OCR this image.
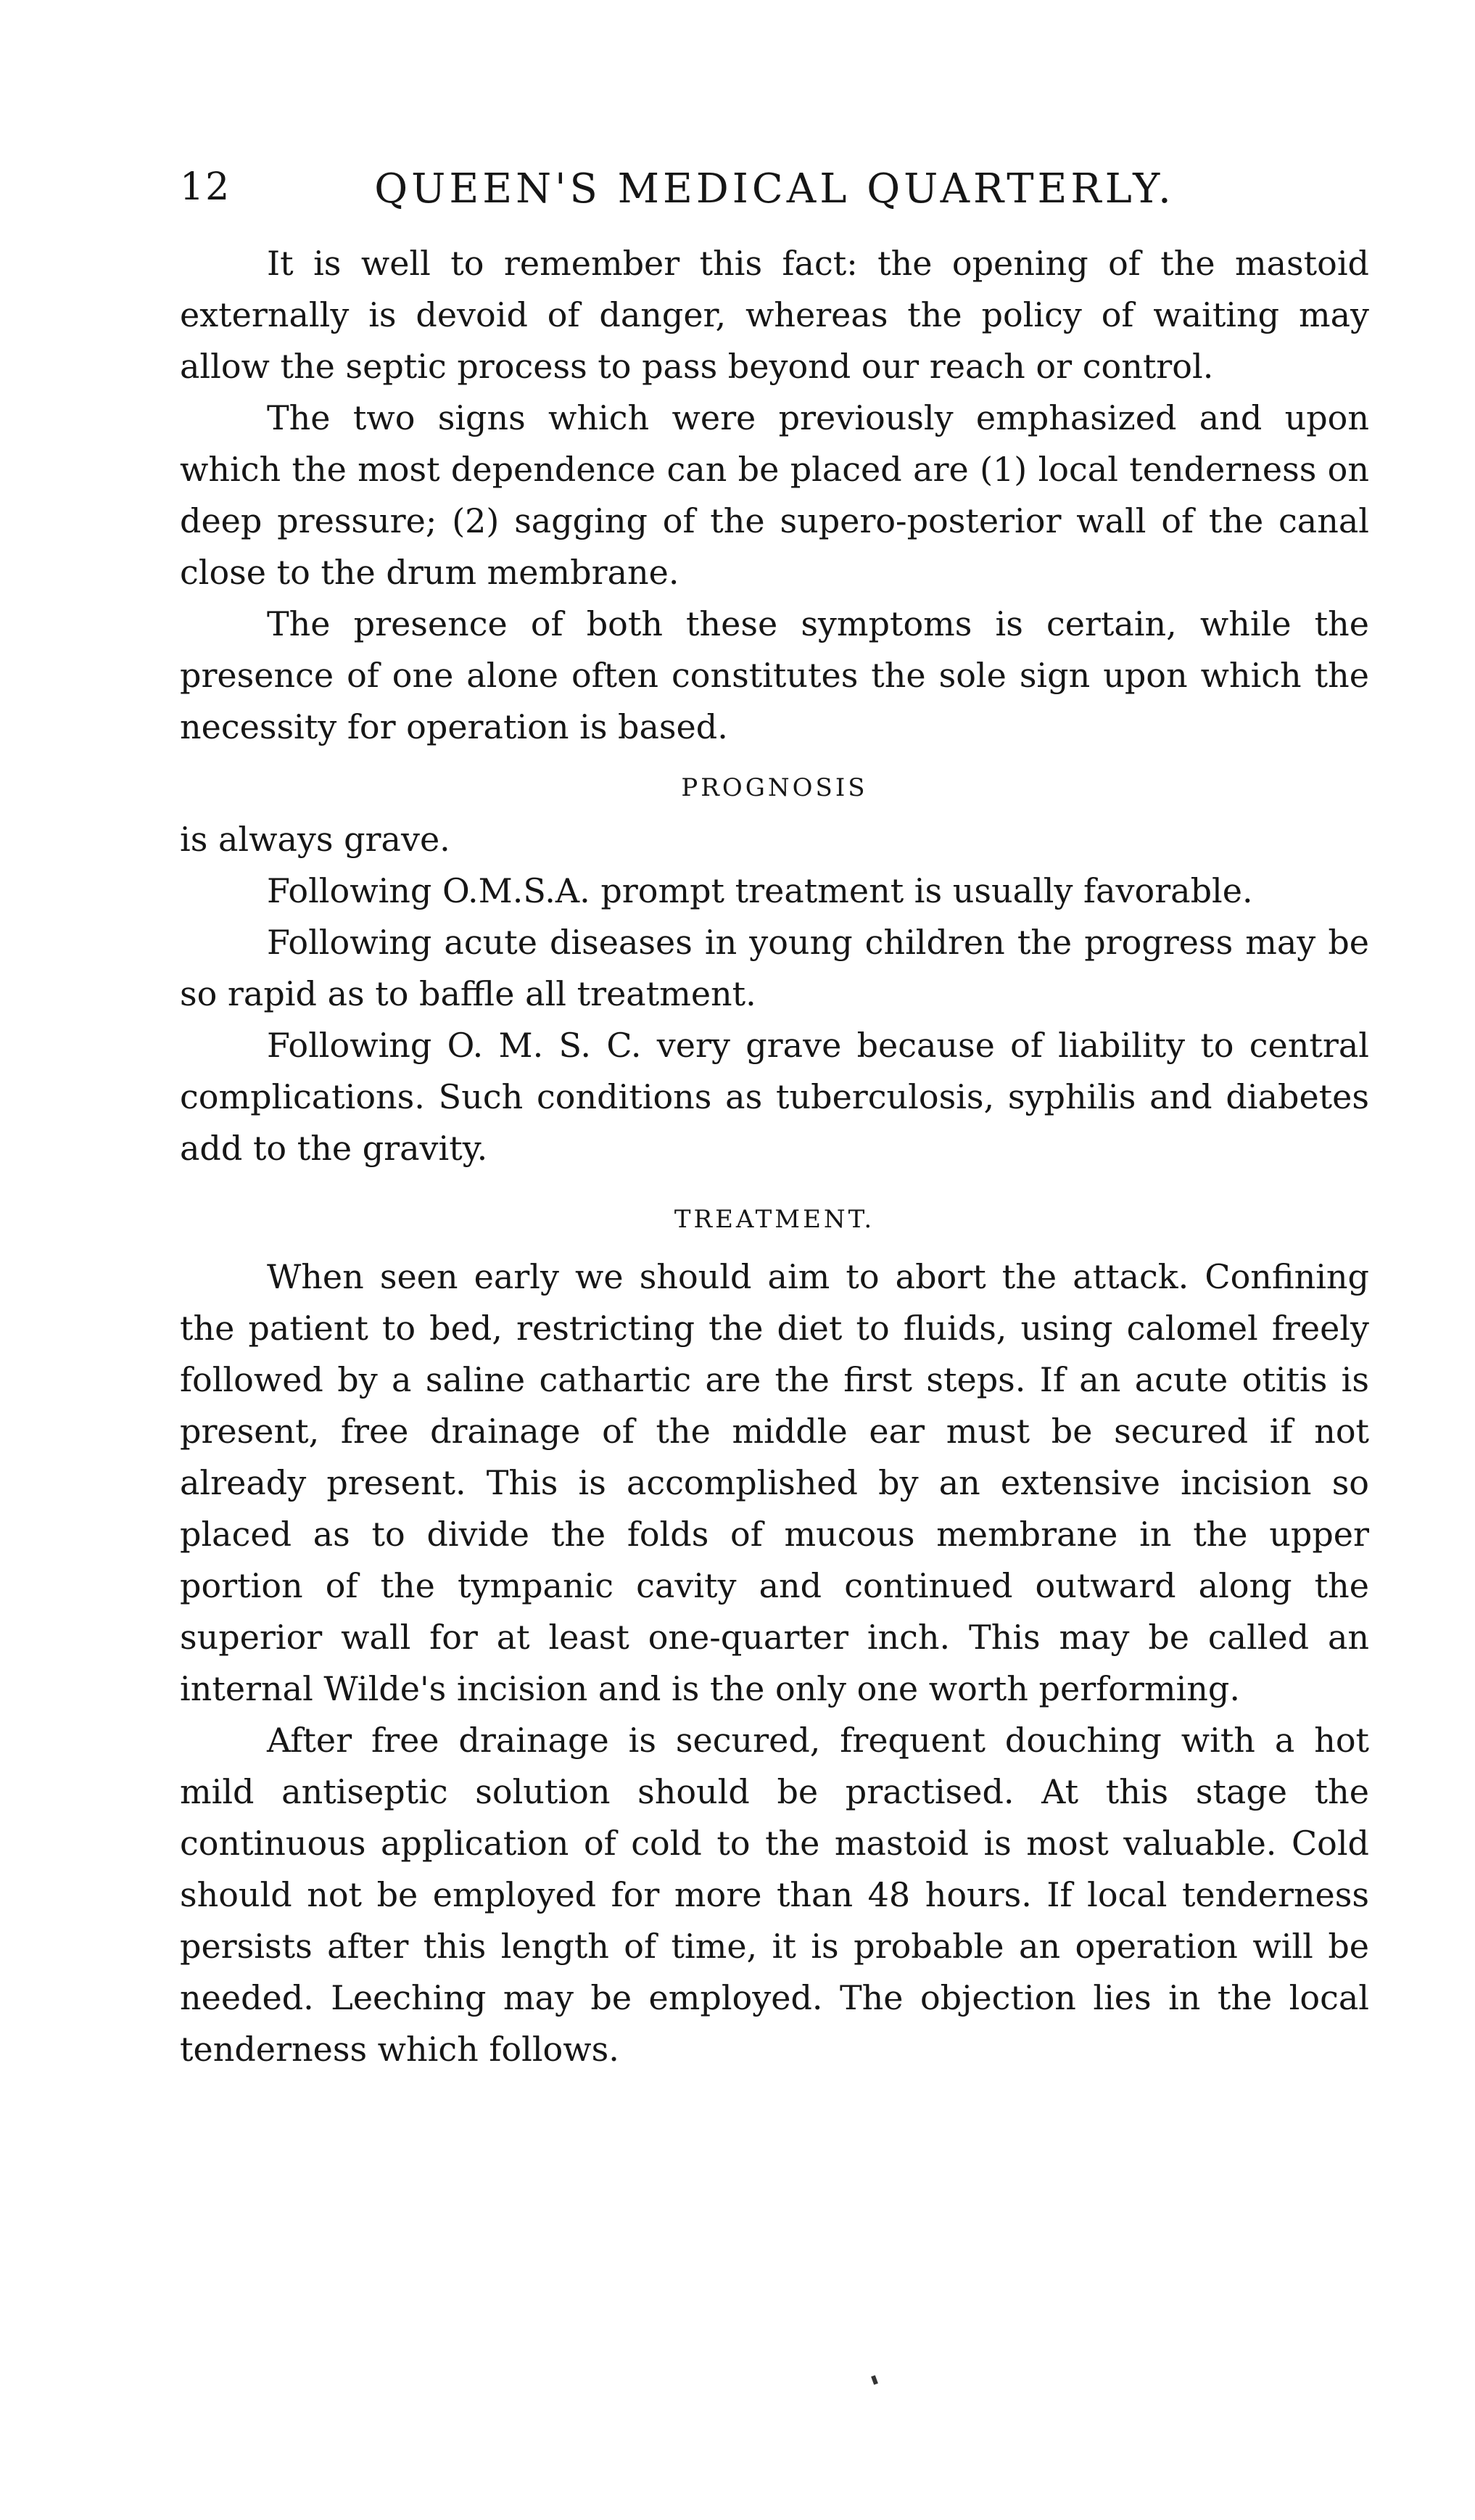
12	QUEEN'S MEDICAL QUARTERLY.

It is well to remember this fact: the opening of the mastoid externally is devoid of danger, whereas the policy of waiting may allow the septic process to pass beyond our reach or control.

The two signs which were previously emphasized and upon which the most dependence can be placed are (1) local tenderness on deep pressure; (2) sagging of the supero-posterior wall of the canal close to the drum membrane.

The presence of both these symptoms is certain, while the presence of one alone often constitutes the sole sign upon which the necessity for operation is based.

PROGNOSIS

is always grave.

Following O.M.S.A. prompt treatment is usually favorable.

Following acute diseases in young children the progress may be so rapid as to baffle all treatment.

Following O. M. S. C. very grave because of liability to central complications. Such conditions as tuberculosis, syphilis and diabetes add to the gravity.

TREATMENT.

When seen early we should aim to abort the attack. Confining the patient to bed, restricting the diet to fluids, using calomel freely followed by a saline cathartic are the first steps. If an acute otitis is present, free drainage of the middle ear must be secured if not already present. This is accomplished by an extensive incision so placed as to divide the folds of mucous membrane in the upper portion of the tympanic cavity and continued outward along the superior wall for at least one-quarter inch. This may be called an internal Wilde's incision and is the only one worth performing.

After free drainage is secured, frequent douching with a hot mild antiseptic solution should be practised. At this stage the continuous application of cold to the mastoid is most valuable. Cold should not be employed for more than 48 hours. If local tenderness persists after this length of time, it is probable an operation will be needed. Leeching may be employed. The objection lies in the local tenderness which follows.
